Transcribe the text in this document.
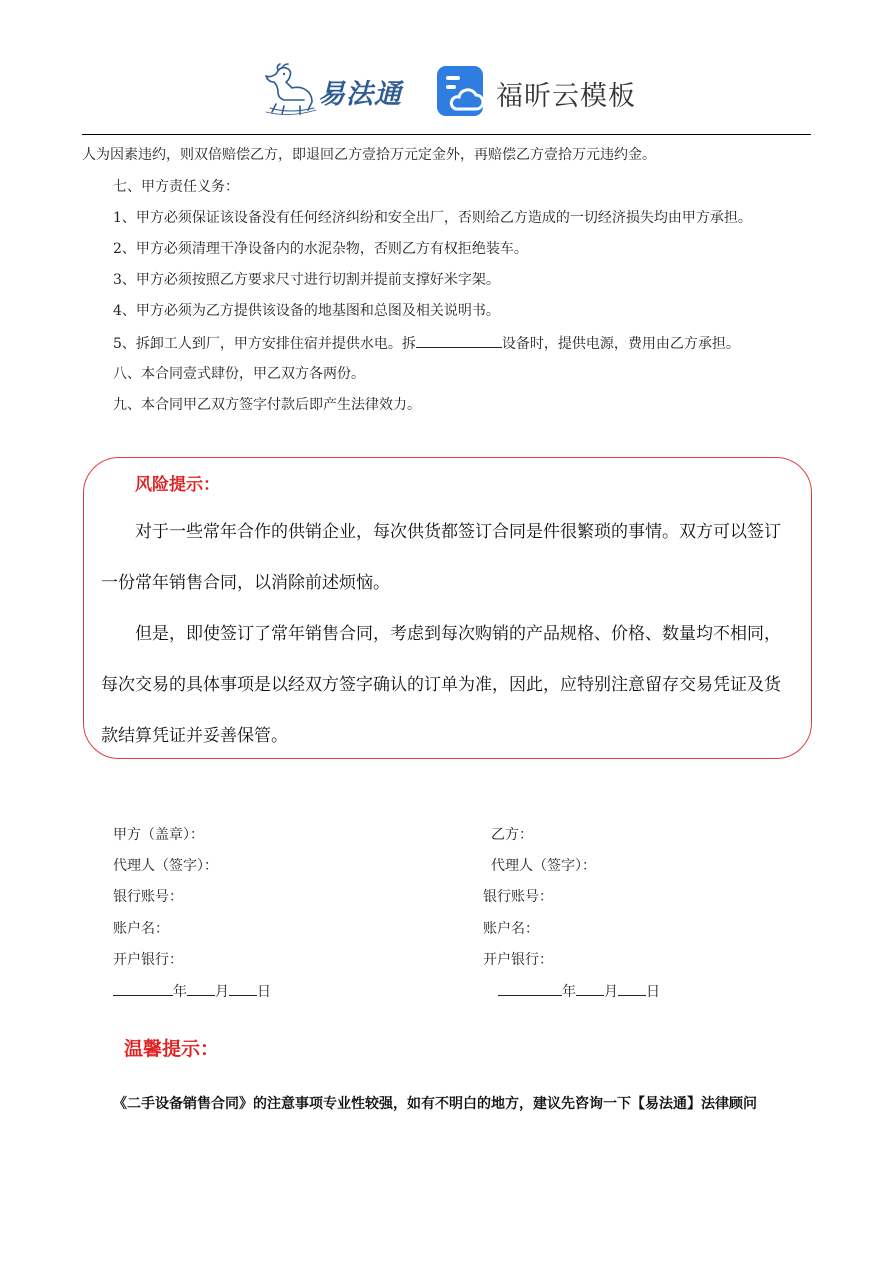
易法通	福昕云模板
人为因素违约，则双倍赔偿乙方，即退回乙方壹拾万元定金外，再赔偿乙方壹拾万元违约金。
七、甲方责任义务：
1、甲方必须保证该设备没有任何经济纠纷和安全出厂，否则给乙方造成的一切经济损失均由甲方承担。
2、甲方必须清理干净设备内的水泥杂物，否则乙方有权拒绝装车。
3、甲方必须按照乙方要求尺寸进行切割并提前支撑好米字架。
4、甲方必须为乙方提供该设备的地基图和总图及相关说明书。
5、拆卸工人到厂，甲方安排住宿并提供水电。拆	设备时，提供电源，费用由乙方承担。
八、本合同壹式肆份，甲乙双方各两份。
九、本合同甲乙双方签字付款后即产生法律效力。
风险提示：
对于一些常年合作的供销企业，每次供货都签订合同是件很繁琐的事情。双方可以签订
一份常年销售合同，以消除前述烦恼。
但是，即使签订了常年销售合同，考虑到每次购销的产品规格、价格、数量均不相同，
每次交易的具体事项是以经双方签字确认的订单为准，因此，应特别注意留存交易凭证及货
款结算凭证并妥善保管。
甲方（盖章）：
代理人（签字）：
银行账号：
账户名：
开户银行：
年 月 日
乙方：
代理人（签字）：
银行账号：
账户名：
开户银行：
年 月 日
温馨提示：
《二手设备销售合同》的注意事项专业性较强，如有不明白的地方，建议先咨询一下【易法通】法律顾问
